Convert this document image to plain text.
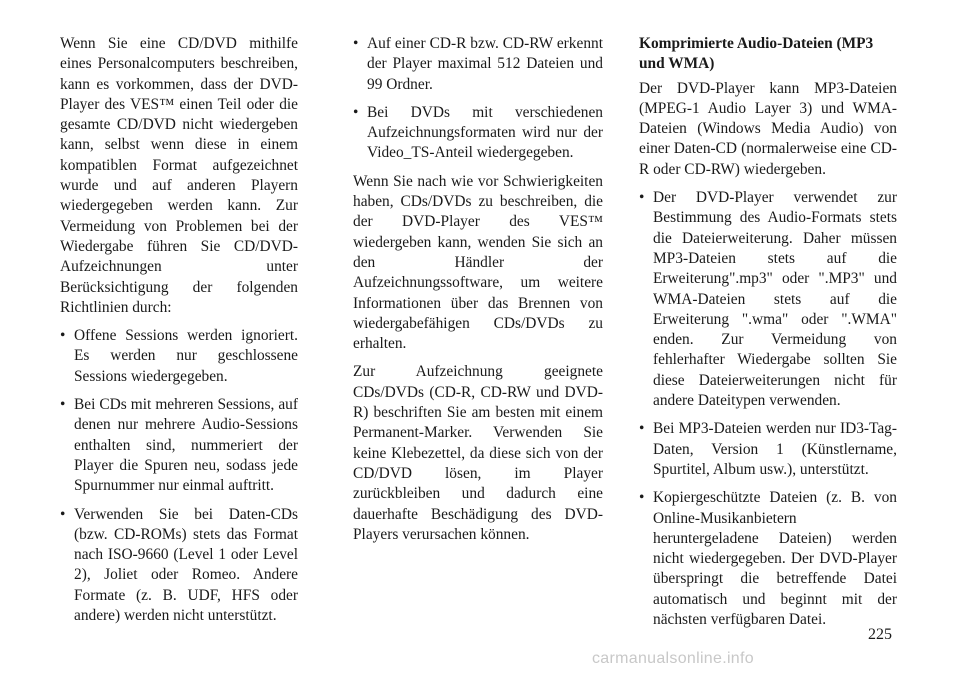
Wenn Sie eine CD/DVD mithilfe eines Personalcomputers beschreiben, kann es vorkommen, dass der DVD-Player des VES™ einen Teil oder die gesamte CD/DVD nicht wiedergeben kann, selbst wenn diese in einem kompatiblen Format aufgezeichnet wurde und auf anderen Playern wiedergegeben werden kann. Zur Vermeidung von Problemen bei der Wiedergabe führen Sie CD/DVD-Aufzeichnungen unter Berücksichtigung der folgenden Richtlinien durch:

• Offene Sessions werden ignoriert. Es werden nur geschlossene Sessions wiedergegeben.
• Bei CDs mit mehreren Sessions, auf denen nur mehrere Audio-Sessions enthalten sind, nummeriert der Player die Spuren neu, sodass jede Spurnummer nur einmal auftritt.
• Verwenden Sie bei Daten-CDs (bzw. CD-ROMs) stets das Format nach ISO-9660 (Level 1 oder Level 2), Joliet oder Romeo. Andere Formate (z. B. UDF, HFS oder andere) werden nicht unterstützt.
• Auf einer CD-R bzw. CD-RW erkennt der Player maximal 512 Dateien und 99 Ordner.
• Bei DVDs mit verschiedenen Aufzeichnungsformaten wird nur der Video_TS-Anteil wiedergegeben.

Wenn Sie nach wie vor Schwierigkeiten haben, CDs/DVDs zu beschreiben, die der DVD-Player des VES™ wiedergeben kann, wenden Sie sich an den Händler der Aufzeichnungssoftware, um weitere Informationen über das Brennen von wiedergabefähigen CDs/DVDs zu erhalten.

Zur Aufzeichnung geeignete CDs/DVDs (CD-R, CD-RW und DVD-R) beschriften Sie am besten mit einem Permanent-Marker. Verwenden Sie keine Klebezettel, da diese sich von der CD/DVD lösen, im Player zurückbleiben und dadurch eine dauerhafte Beschädigung des DVD-Players verursachen können.

Komprimierte Audio-Dateien (MP3 und WMA)

Der DVD-Player kann MP3-Dateien (MPEG-1 Audio Layer 3) und WMA-Dateien (Windows Media Audio) von einer Daten-CD (normalerweise eine CD-R oder CD-RW) wiedergeben.

• Der DVD-Player verwendet zur Bestimmung des Audio-Formats stets die Dateierweiterung. Daher müssen MP3-Dateien stets auf die Erweiterung".mp3" oder ".MP3" und WMA-Dateien stets auf die Erweiterung ".wma" oder ".WMA" enden. Zur Vermeidung von fehlerhafter Wiedergabe sollten Sie diese Dateierweiterungen nicht für andere Dateitypen verwenden.
• Bei MP3-Dateien werden nur ID3-Tag-Daten, Version 1 (Künstlername, Spurtitel, Album usw.), unterstützt.
• Kopiergeschützte Dateien (z. B. von Online-Musikanbietern heruntergeladene Dateien) werden nicht wiedergegeben. Der DVD-Player überspringt die betreffende Datei automatisch und beginnt mit der nächsten verfügbaren Datei.
225
carmanualsonline.info
